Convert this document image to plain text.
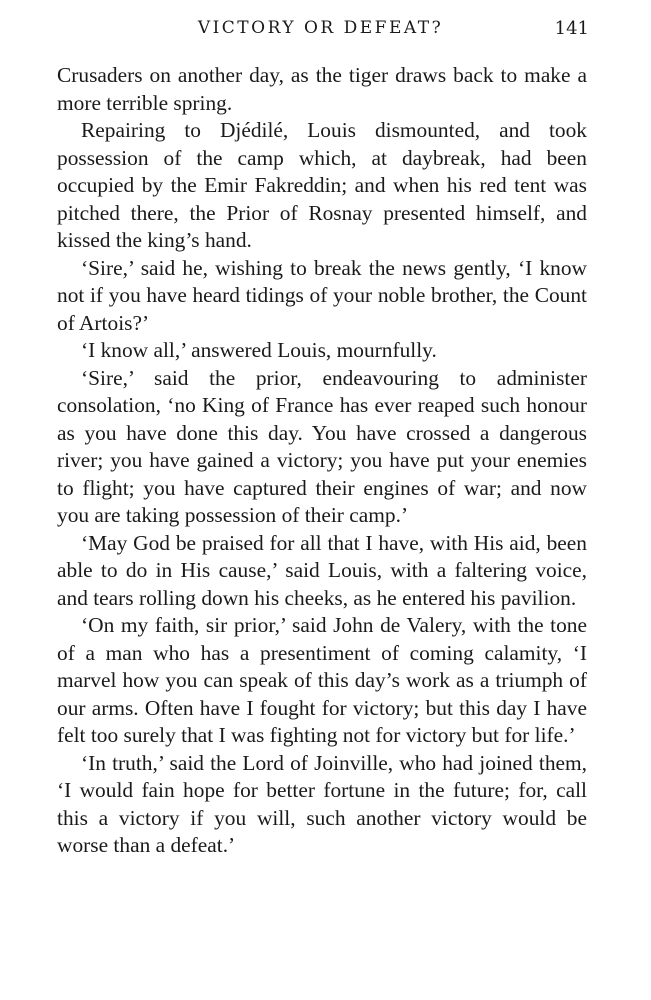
VICTORY OR DEFEAT?	141

Crusaders on another day, as the tiger draws back to make a more terrible spring.

Repairing to Djédilé, Louis dismounted, and took possession of the camp which, at daybreak, had been occupied by the Emir Fakreddin; and when his red tent was pitched there, the Prior of Rosnay presented himself, and kissed the king’s hand.

‘Sire,’ said he, wishing to break the news gently, ‘I know not if you have heard tidings of your noble brother, the Count of Artois?’

‘I know all,’ answered Louis, mournfully.

‘Sire,’ said the prior, endeavouring to administer consolation, ‘no King of France has ever reaped such honour as you have done this day. You have crossed a dangerous river; you have gained a victory; you have put your enemies to flight; you have captured their engines of war; and now you are taking possession of their camp.’

‘May God be praised for all that I have, with His aid, been able to do in His cause,’ said Louis, with a faltering voice, and tears rolling down his cheeks, as he entered his pavilion.

‘On my faith, sir prior,’ said John de Valery, with the tone of a man who has a presentiment of coming calamity, ‘I marvel how you can speak of this day’s work as a triumph of our arms. Often have I fought for victory; but this day I have felt too surely that I was fighting not for victory but for life.’

‘In truth,’ said the Lord of Joinville, who had joined them, ‘I would fain hope for better fortune in the future; for, call this a victory if you will, such another victory would be worse than a defeat.’
